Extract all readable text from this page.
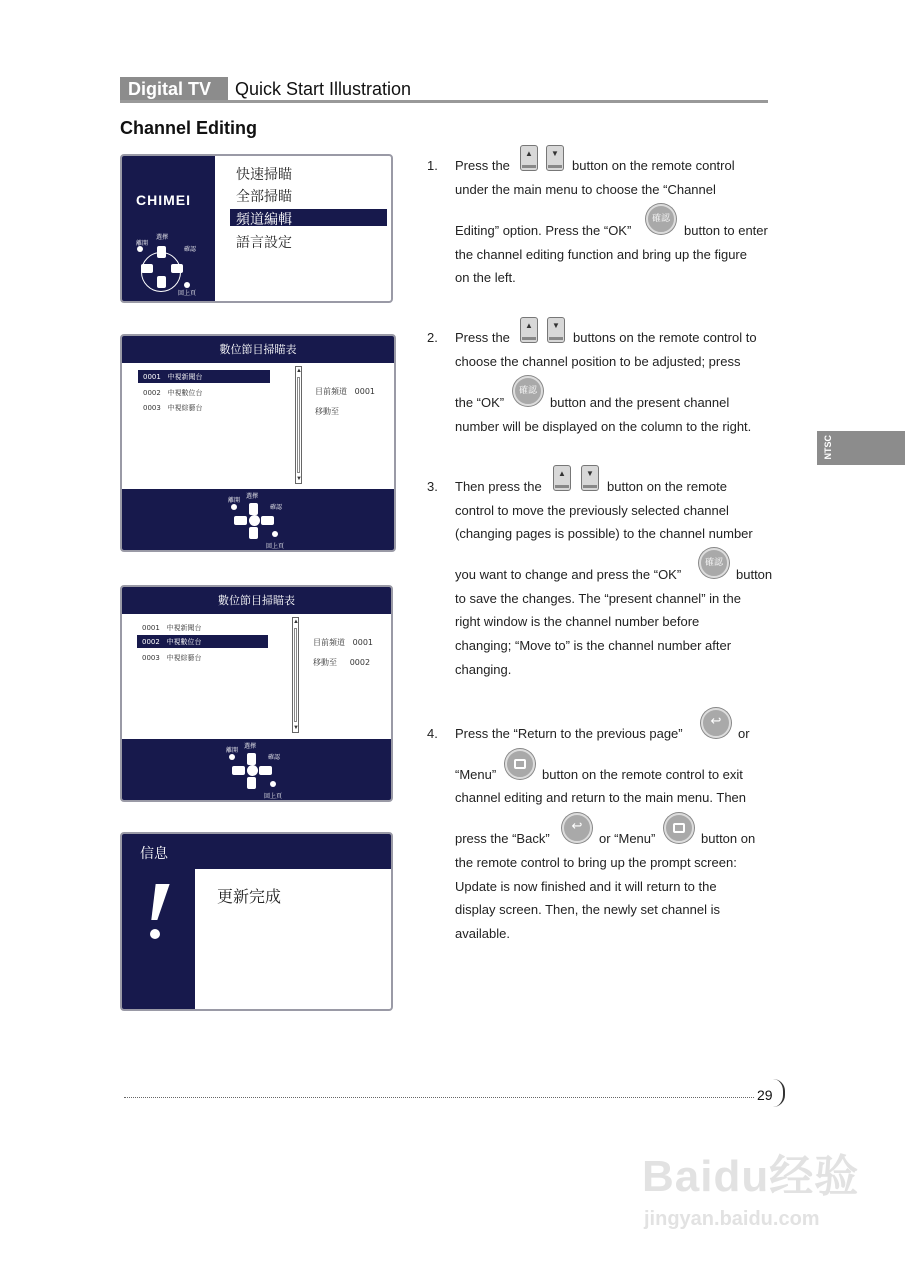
Digital TV	Quick Start Illustration
Channel Editing
CHIMEI
離開
選擇
確認
回上頁
快速掃瞄
全部掃瞄
頻道編輯
語言設定
數位節目掃瞄表
0001 中視新聞台
0002 中視數位台
0003 中視綜藝台
▲
▼
目前頻道 0001
移動至
離開
選擇
確認
回上頁
數位節目掃瞄表
0001 中視新聞台
0002 中視數位台
0003 中視綜藝台
▲
▼
目前頻道 0001
移動至 0002
離開
選擇
確認
回上頁
信息
更新完成
1. Press the
▲	▼
button on the remote control
under the main menu to choose the “Channel
Editing” option. Press the “OK”
確認
button to enter
the channel editing function and bring up the figure
on the left.
2. Press the
▲	▼
buttons on the remote control to
choose the channel position to be adjusted; press
the “OK”
確認
button and the present channel
number will be displayed on the column to the right.
3. Then press the
▲	▼
button on the remote
control to move the previously selected channel
(changing pages is possible) to the channel number
you want to change and press the “OK”
確認
button
to save the changes. The “present channel” in the
right window is the channel number before
changing; “Move to” is the channel number after
changing.
4. Press the “Return to the previous page”
↩
or
“Menu”	button on the remote control to exit
channel editing and return to the main menu. Then
press the “Back”
↩
or “Menu”	button on
the remote control to bring up the prompt screen:
Update is now finished and it will return to the
display screen. Then, the newly set channel is
available.
NTSC
29
Baidu经验
jingyan.baidu.com
